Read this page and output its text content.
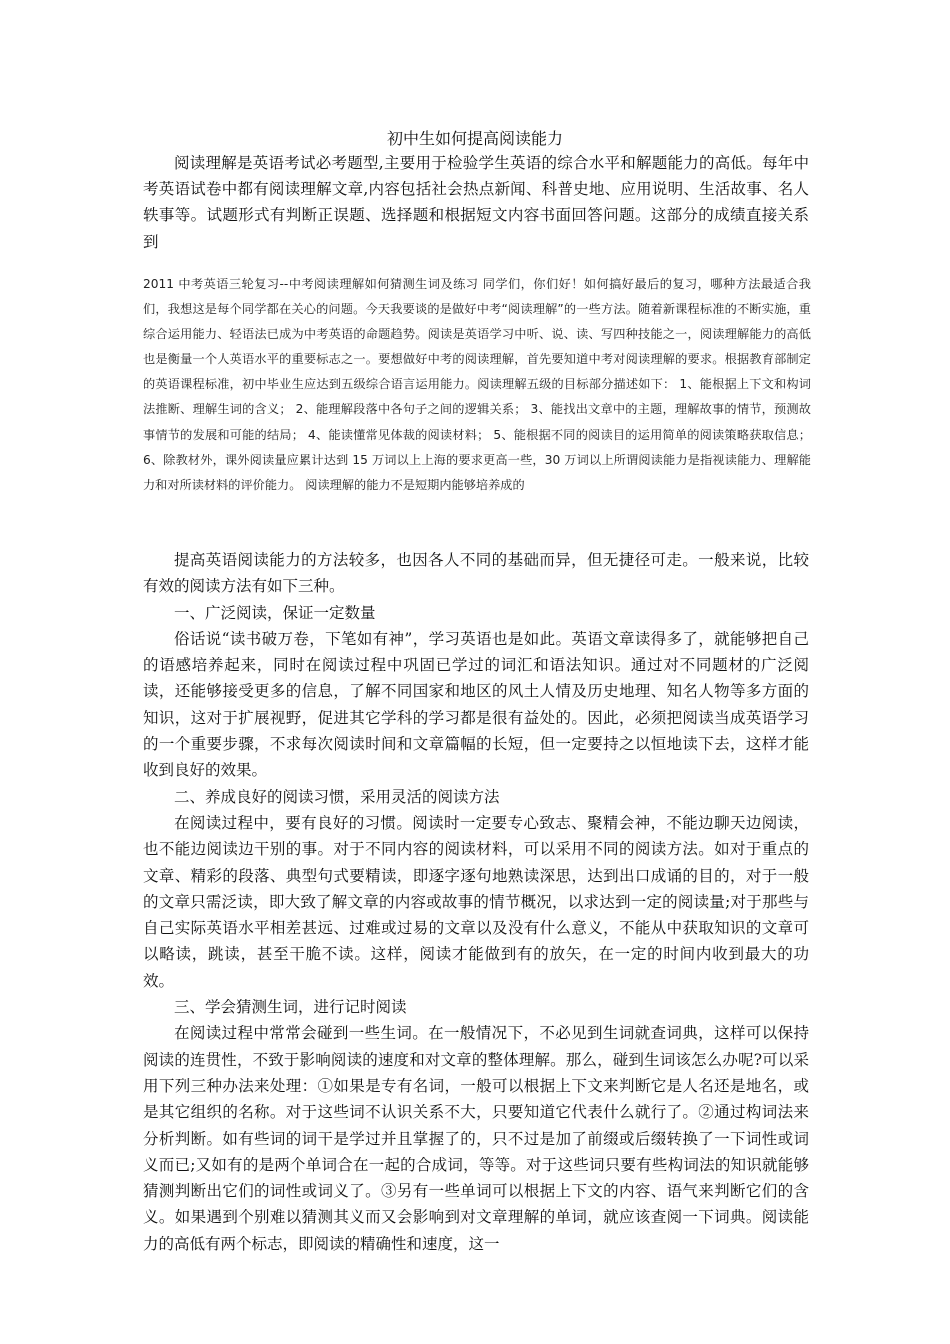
初中生如何提高阅读能力

阅读理解是英语考试必考题型,主要用于检验学生英语的综合水平和解题能力的高低。每年中考英语试卷中都有阅读理解文章,内容包括社会热点新闻、科普史地、应用说明、生活故事、名人轶事等。试题形式有判断正误题、选择题和根据短文内容书面回答问题。这部分的成绩直接关系到

2011 中考英语三轮复习--中考阅读理解如何猜测生词及练习 同学们，你们好！如何搞好最后的复习，哪种方法最适合我们，我想这是每个同学都在关心的问题。今天我要谈的是做好中考“阅读理解”的一些方法。随着新课程标准的不断实施，重综合运用能力、轻语法已成为中考英语的命题趋势。阅读是英语学习中听、说、读、写四种技能之一，阅读理解能力的高低也是衡量一个人英语水平的重要标志之一。要想做好中考的阅读理解，首先要知道中考对阅读理解的要求。根据教育部制定的英语课程标准，初中毕业生应达到五级综合语言运用能力。阅读理解五级的目标部分描述如下： 1、能根据上下文和构词法推断、理解生词的含义； 2、能理解段落中各句子之间的逻辑关系； 3、能找出文章中的主题，理解故事的情节，预测故事情节的发展和可能的结局； 4、能读懂常见体裁的阅读材料； 5、能根据不同的阅读目的运用简单的阅读策略获取信息； 6、除教材外，课外阅读量应累计达到 15 万词以上上海的要求更高一些，30 万词以上所谓阅读能力是指视读能力、理解能力和对所读材料的评价能力。 阅读理解的能力不是短期内能够培养成的

提高英语阅读能力的方法较多，也因各人不同的基础而异，但无捷径可走。一般来说，比较有效的阅读方法有如下三种。

一、广泛阅读，保证一定数量

俗话说“读书破万卷，下笔如有神”，学习英语也是如此。英语文章读得多了，就能够把自己的语感培养起来，同时在阅读过程中巩固已学过的词汇和语法知识。通过对不同题材的广泛阅读，还能够接受更多的信息，了解不同国家和地区的风土人情及历史地理、知名人物等多方面的知识，这对于扩展视野，促进其它学科的学习都是很有益处的。因此，必须把阅读当成英语学习的一个重要步骤，不求每次阅读时间和文章篇幅的长短，但一定要持之以恒地读下去，这样才能收到良好的效果。

二、养成良好的阅读习惯，采用灵活的阅读方法

在阅读过程中，要有良好的习惯。阅读时一定要专心致志、聚精会神，不能边聊天边阅读，也不能边阅读边干别的事。对于不同内容的阅读材料，可以采用不同的阅读方法。如对于重点的文章、精彩的段落、典型句式要精读，即逐字逐句地熟读深思，达到出口成诵的目的，对于一般的文章只需泛读，即大致了解文章的内容或故事的情节概况，以求达到一定的阅读量;对于那些与自己实际英语水平相差甚远、过难或过易的文章以及没有什么意义，不能从中获取知识的文章可以略读，跳读，甚至干脆不读。这样，阅读才能做到有的放矢，在一定的时间内收到最大的功效。

三、学会猜测生词，进行记时阅读

在阅读过程中常常会碰到一些生词。在一般情况下，不必见到生词就查词典，这样可以保持阅读的连贯性，不致于影响阅读的速度和对文章的整体理解。那么，碰到生词该怎么办呢?可以采用下列三种办法来处理：①如果是专有名词，一般可以根据上下文来判断它是人名还是地名，或是其它组织的名称。对于这些词不认识关系不大，只要知道它代表什么就行了。②通过构词法来分析判断。如有些词的词干是学过并且掌握了的，只不过是加了前缀或后缀转换了一下词性或词义而已;又如有的是两个单词合在一起的合成词，等等。对于这些词只要有些构词法的知识就能够猜测判断出它们的词性或词义了。③另有一些单词可以根据上下文的内容、语气来判断它们的含义。如果遇到个别难以猜测其义而又会影响到对文章理解的单词，就应该查阅一下词典。阅读能力的高低有两个标志，即阅读的精确性和速度，这一
